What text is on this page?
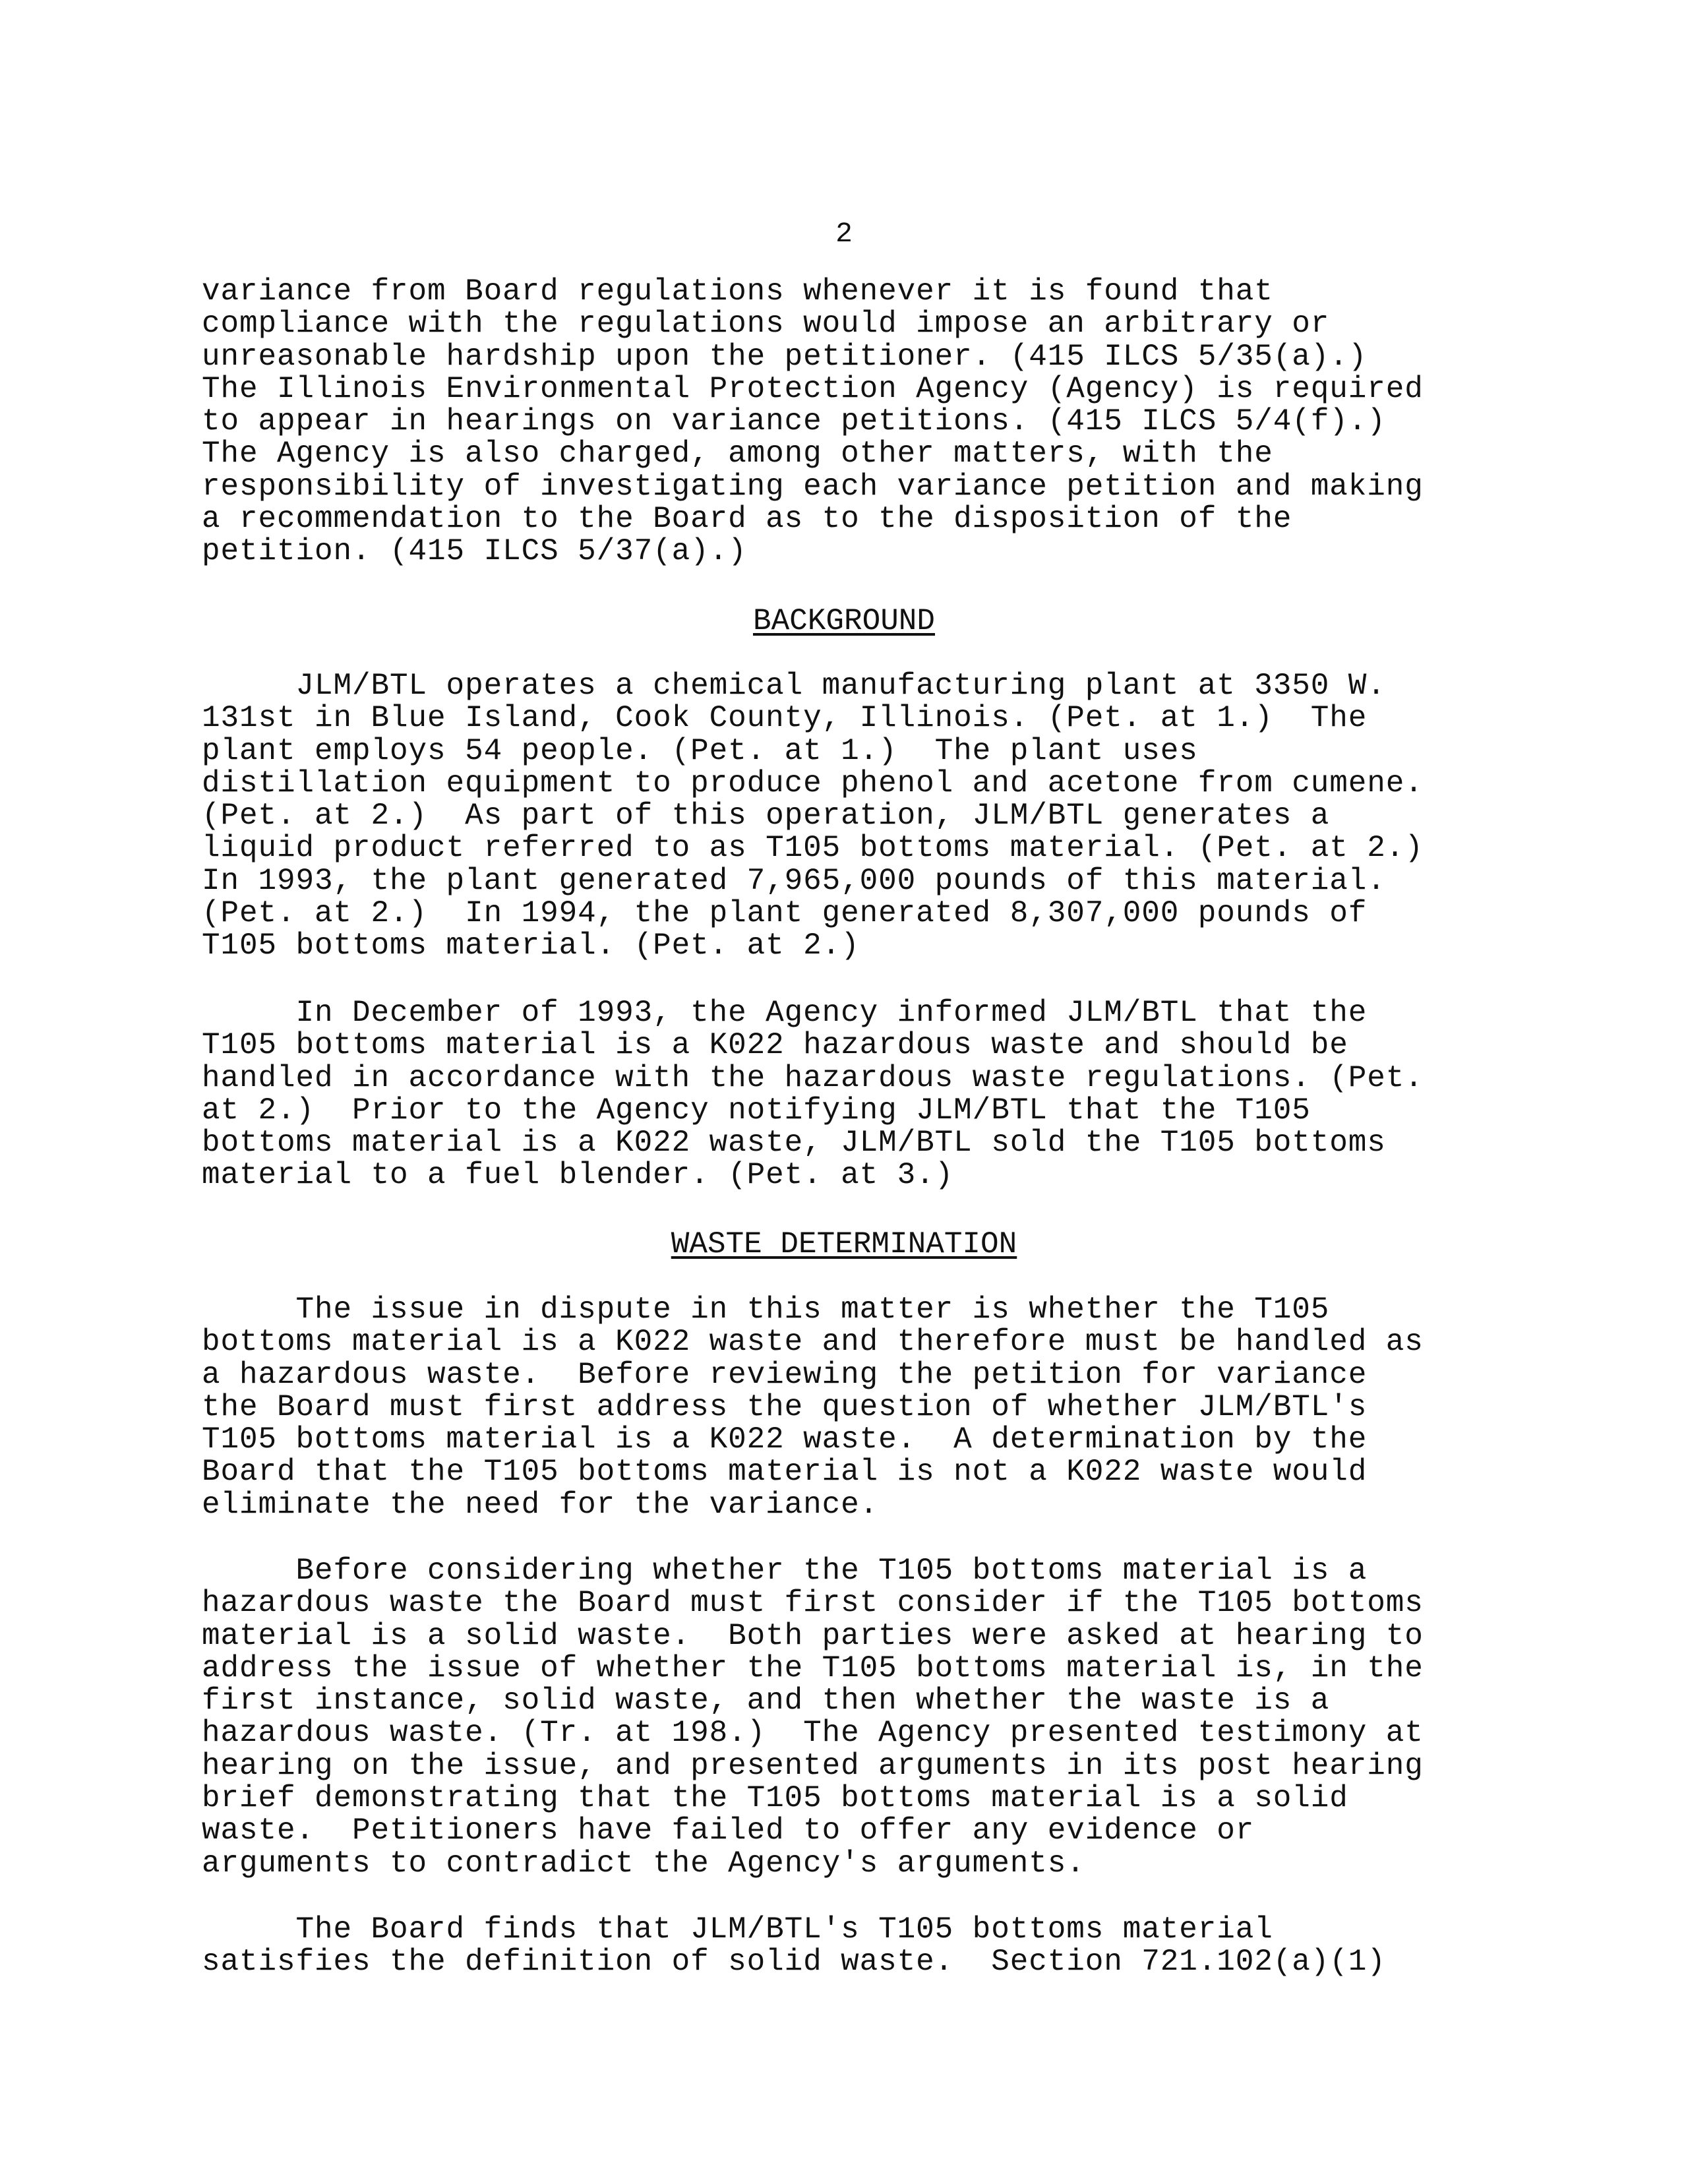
2
variance from Board regulations whenever it is found that
compliance with the regulations would impose an arbitrary or
unreasonable hardship upon the petitioner. (415 ILCS 5/35(a).)
The Illinois Environmental Protection Agency (Agency) is required
to appear in hearings on variance petitions. (415 ILCS 5/4(f).)
The Agency is also charged, among other matters, with the
responsibility of investigating each variance petition and making
a recommendation to the Board as to the disposition of the
petition. (415 ILCS 5/37(a).)
BACKGROUND
JLM/BTL operates a chemical manufacturing plant at 3350 W.
131st in Blue Island, Cook County, Illinois. (Pet. at 1.)  The
plant employs 54 people. (Pet. at 1.)  The plant uses
distillation equipment to produce phenol and acetone from cumene.
(Pet. at 2.)  As part of this operation, JLM/BTL generates a
liquid product referred to as T105 bottoms material. (Pet. at 2.)
In 1993, the plant generated 7,965,000 pounds of this material.
(Pet. at 2.)  In 1994, the plant generated 8,307,000 pounds of
T105 bottoms material. (Pet. at 2.)
In December of 1993, the Agency informed JLM/BTL that the
T105 bottoms material is a K022 hazardous waste and should be
handled in accordance with the hazardous waste regulations. (Pet.
at 2.)  Prior to the Agency notifying JLM/BTL that the T105
bottoms material is a K022 waste, JLM/BTL sold the T105 bottoms
material to a fuel blender. (Pet. at 3.)
WASTE DETERMINATION
The issue in dispute in this matter is whether the T105
bottoms material is a K022 waste and therefore must be handled as
a hazardous waste.  Before reviewing the petition for variance
the Board must first address the question of whether JLM/BTL's
T105 bottoms material is a K022 waste.  A determination by the
Board that the T105 bottoms material is not a K022 waste would
eliminate the need for the variance.
Before considering whether the T105 bottoms material is a
hazardous waste the Board must first consider if the T105 bottoms
material is a solid waste.  Both parties were asked at hearing to
address the issue of whether the T105 bottoms material is, in the
first instance, solid waste, and then whether the waste is a
hazardous waste. (Tr. at 198.)  The Agency presented testimony at
hearing on the issue, and presented arguments in its post hearing
brief demonstrating that the T105 bottoms material is a solid
waste.  Petitioners have failed to offer any evidence or
arguments to contradict the Agency's arguments.
The Board finds that JLM/BTL's T105 bottoms material
satisfies the definition of solid waste.  Section 721.102(a)(1)
